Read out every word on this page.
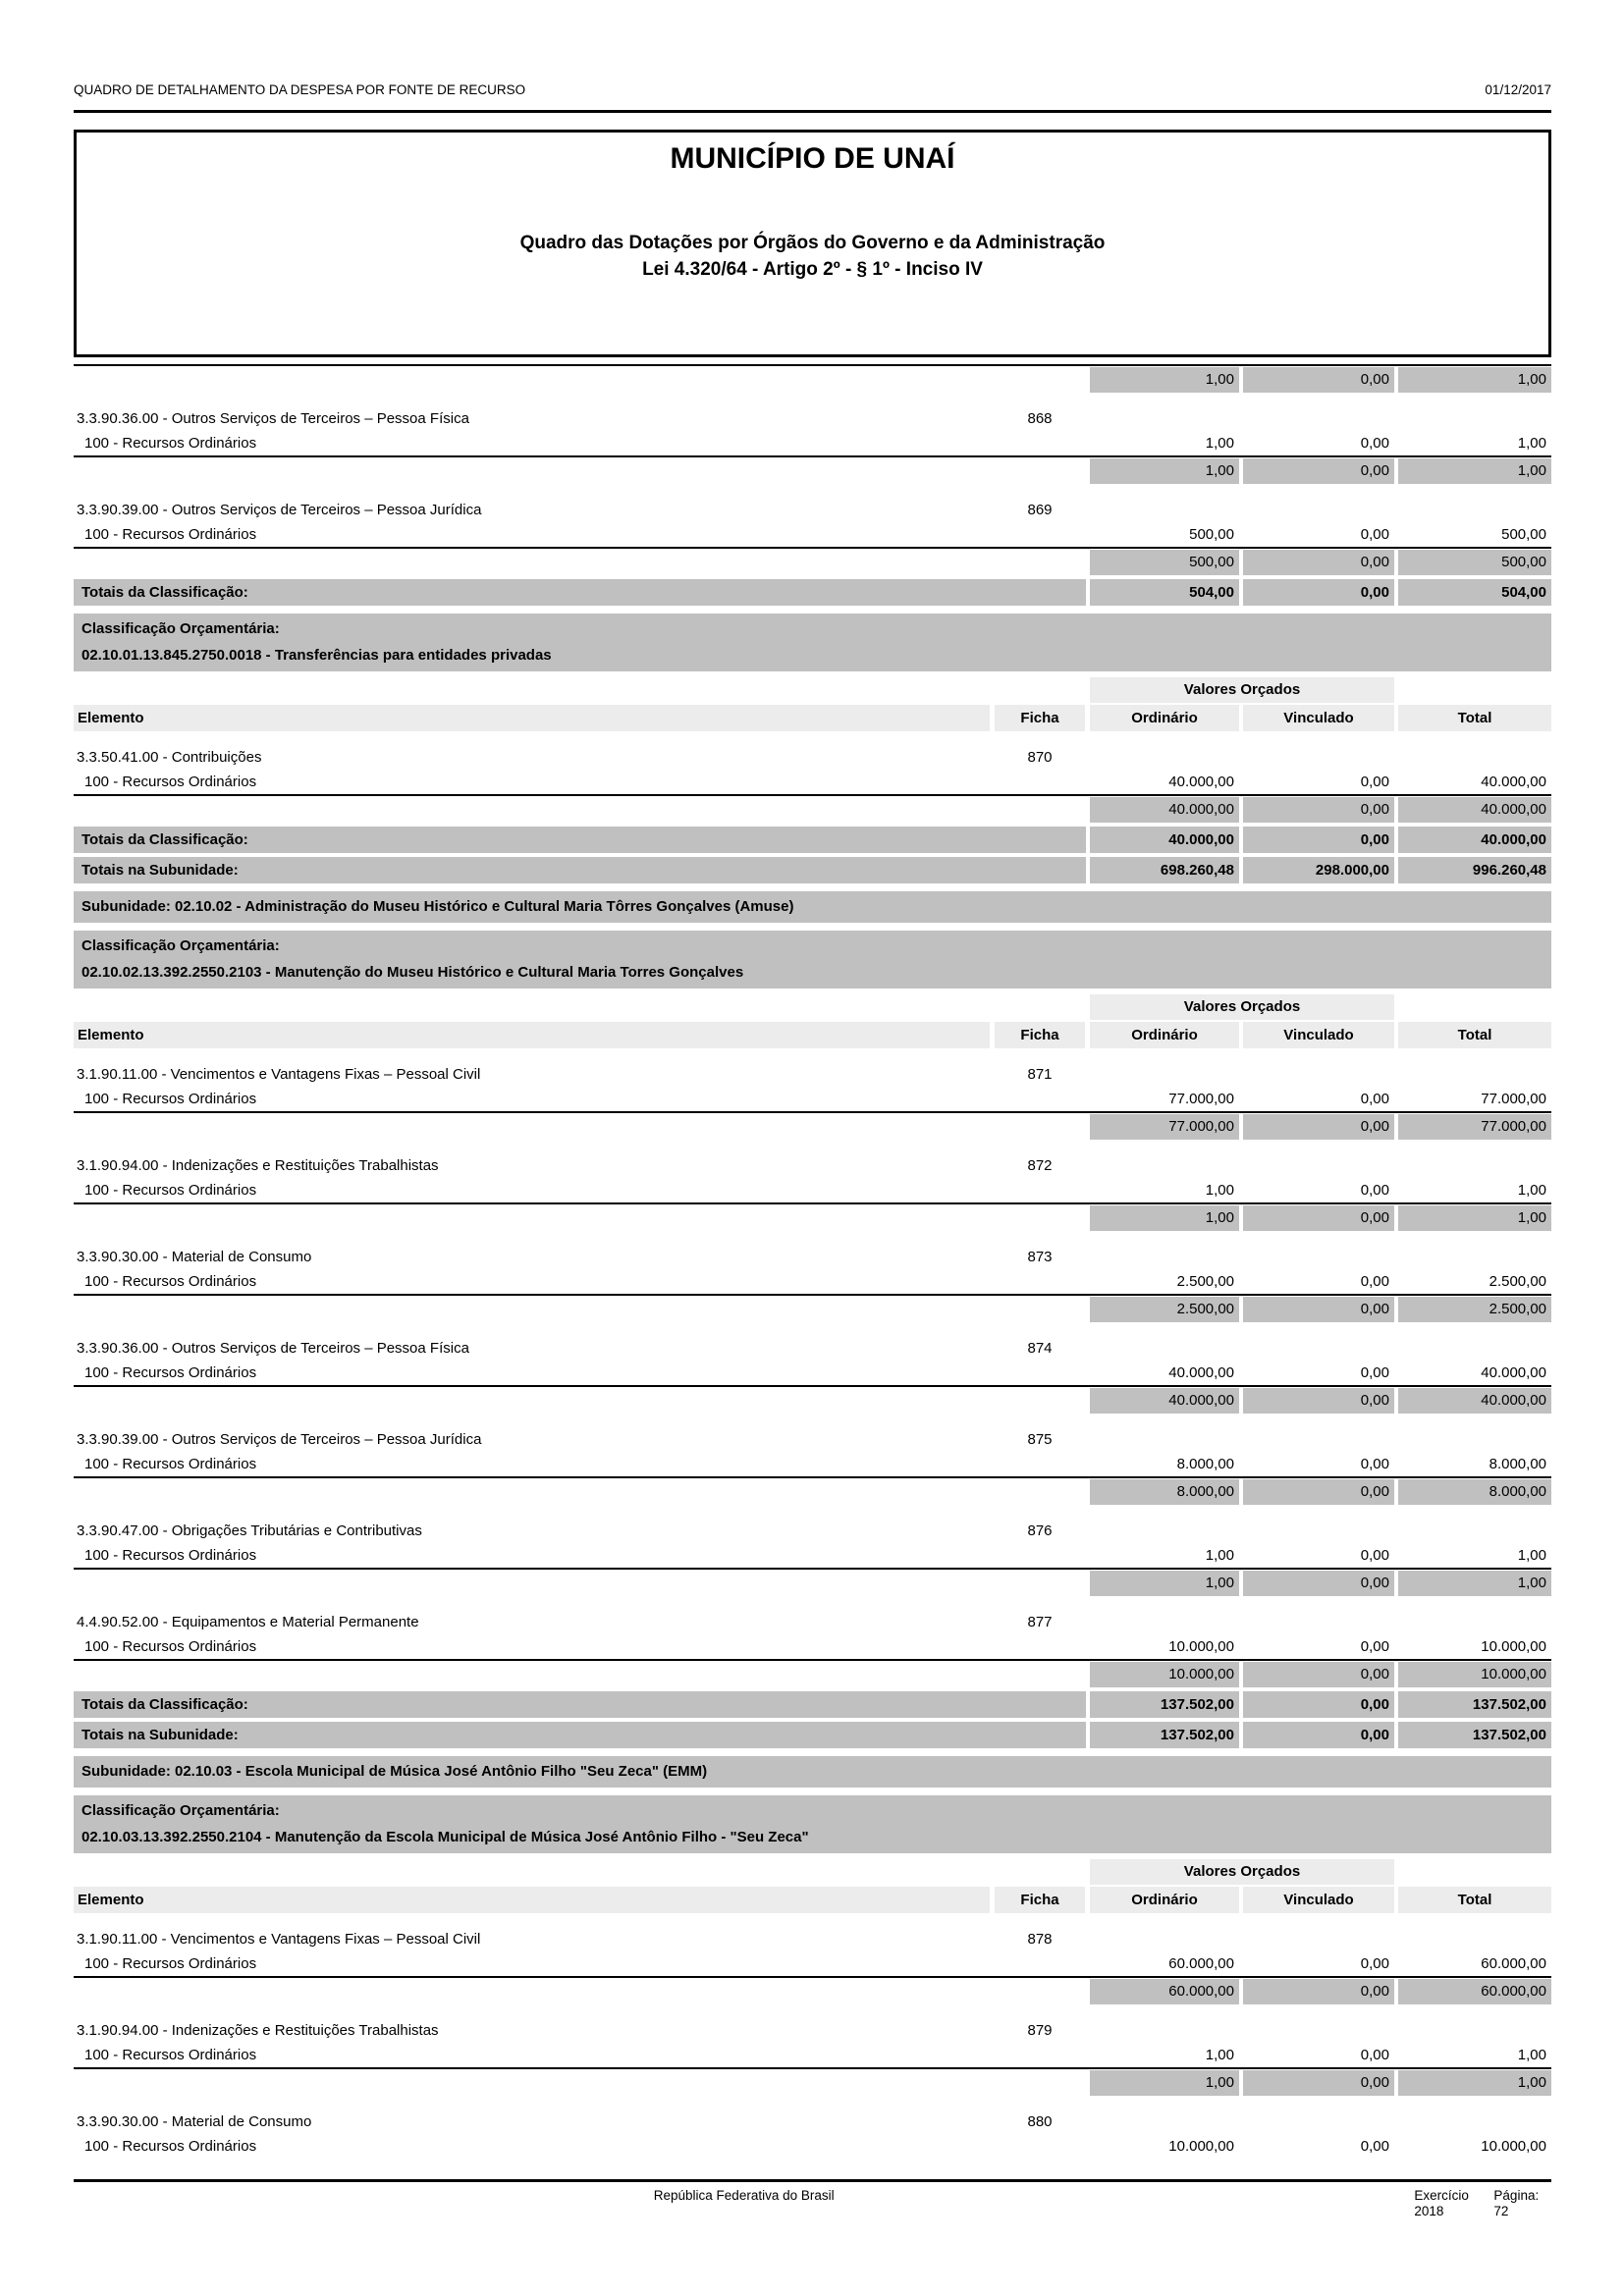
QUADRO DE DETALHAMENTO DA DESPESA POR FONTE DE RECURSO	01/12/2017
MUNICÍPIO DE UNAÍ
Quadro das Dotações por Órgãos do Governo e da Administração
Lei 4.320/64 - Artigo 2º - § 1º - Inciso IV
1,00	0,00	1,00
3.3.90.36.00 - Outros Serviços de Terceiros – Pessoa Física	868
100 - Recursos Ordinários	1,00	0,00	1,00
1,00	0,00	1,00
3.3.90.39.00 - Outros Serviços de Terceiros – Pessoa Jurídica	869
100 - Recursos Ordinários	500,00	0,00	500,00
500,00	0,00	500,00
Totais da Classificação:	504,00	0,00	504,00
Classificação Orçamentária:
02.10.01.13.845.2750.0018 - Transferências para entidades privadas
Valores Orçados
Elemento	Ficha	Ordinário	Vinculado	Total
3.3.50.41.00 - Contribuições	870
100 - Recursos Ordinários	40.000,00	0,00	40.000,00
40.000,00	0,00	40.000,00
Totais da Classificação:	40.000,00	0,00	40.000,00
Totais na Subunidade:	698.260,48	298.000,00	996.260,48
Subunidade: 02.10.02 - Administração do Museu Histórico e Cultural Maria Tôrres Gonçalves (Amuse)
Classificação Orçamentária:
02.10.02.13.392.2550.2103 - Manutenção do Museu Histórico e Cultural Maria Torres Gonçalves
Valores Orçados
Elemento	Ficha	Ordinário	Vinculado	Total
3.1.90.11.00 - Vencimentos e Vantagens Fixas – Pessoal Civil	871
100 - Recursos Ordinários	77.000,00	0,00	77.000,00
77.000,00	0,00	77.000,00
3.1.90.94.00 - Indenizações e Restituições Trabalhistas	872
100 - Recursos Ordinários	1,00	0,00	1,00
1,00	0,00	1,00
3.3.90.30.00 - Material de Consumo	873
100 - Recursos Ordinários	2.500,00	0,00	2.500,00
2.500,00	0,00	2.500,00
3.3.90.36.00 - Outros Serviços de Terceiros – Pessoa Física	874
100 - Recursos Ordinários	40.000,00	0,00	40.000,00
40.000,00	0,00	40.000,00
3.3.90.39.00 - Outros Serviços de Terceiros – Pessoa Jurídica	875
100 - Recursos Ordinários	8.000,00	0,00	8.000,00
8.000,00	0,00	8.000,00
3.3.90.47.00 - Obrigações Tributárias e Contributivas	876
100 - Recursos Ordinários	1,00	0,00	1,00
1,00	0,00	1,00
4.4.90.52.00 - Equipamentos e Material Permanente	877
100 - Recursos Ordinários	10.000,00	0,00	10.000,00
10.000,00	0,00	10.000,00
Totais da Classificação:	137.502,00	0,00	137.502,00
Totais na Subunidade:	137.502,00	0,00	137.502,00
Subunidade: 02.10.03 - Escola Municipal de Música José Antônio Filho "Seu Zeca" (EMM)
Classificação Orçamentária:
02.10.03.13.392.2550.2104 - Manutenção da Escola Municipal de Música José Antônio Filho - "Seu Zeca"
Valores Orçados
Elemento	Ficha	Ordinário	Vinculado	Total
3.1.90.11.00 - Vencimentos e Vantagens Fixas – Pessoal Civil	878
100 - Recursos Ordinários	60.000,00	0,00	60.000,00
60.000,00	0,00	60.000,00
3.1.90.94.00 - Indenizações e Restituições Trabalhistas	879
100 - Recursos Ordinários	1,00	0,00	1,00
1,00	0,00	1,00
3.3.90.30.00 - Material de Consumo	880
100 - Recursos Ordinários	10.000,00	0,00	10.000,00
República Federativa do Brasil	Exercício 2018
Página: 72
